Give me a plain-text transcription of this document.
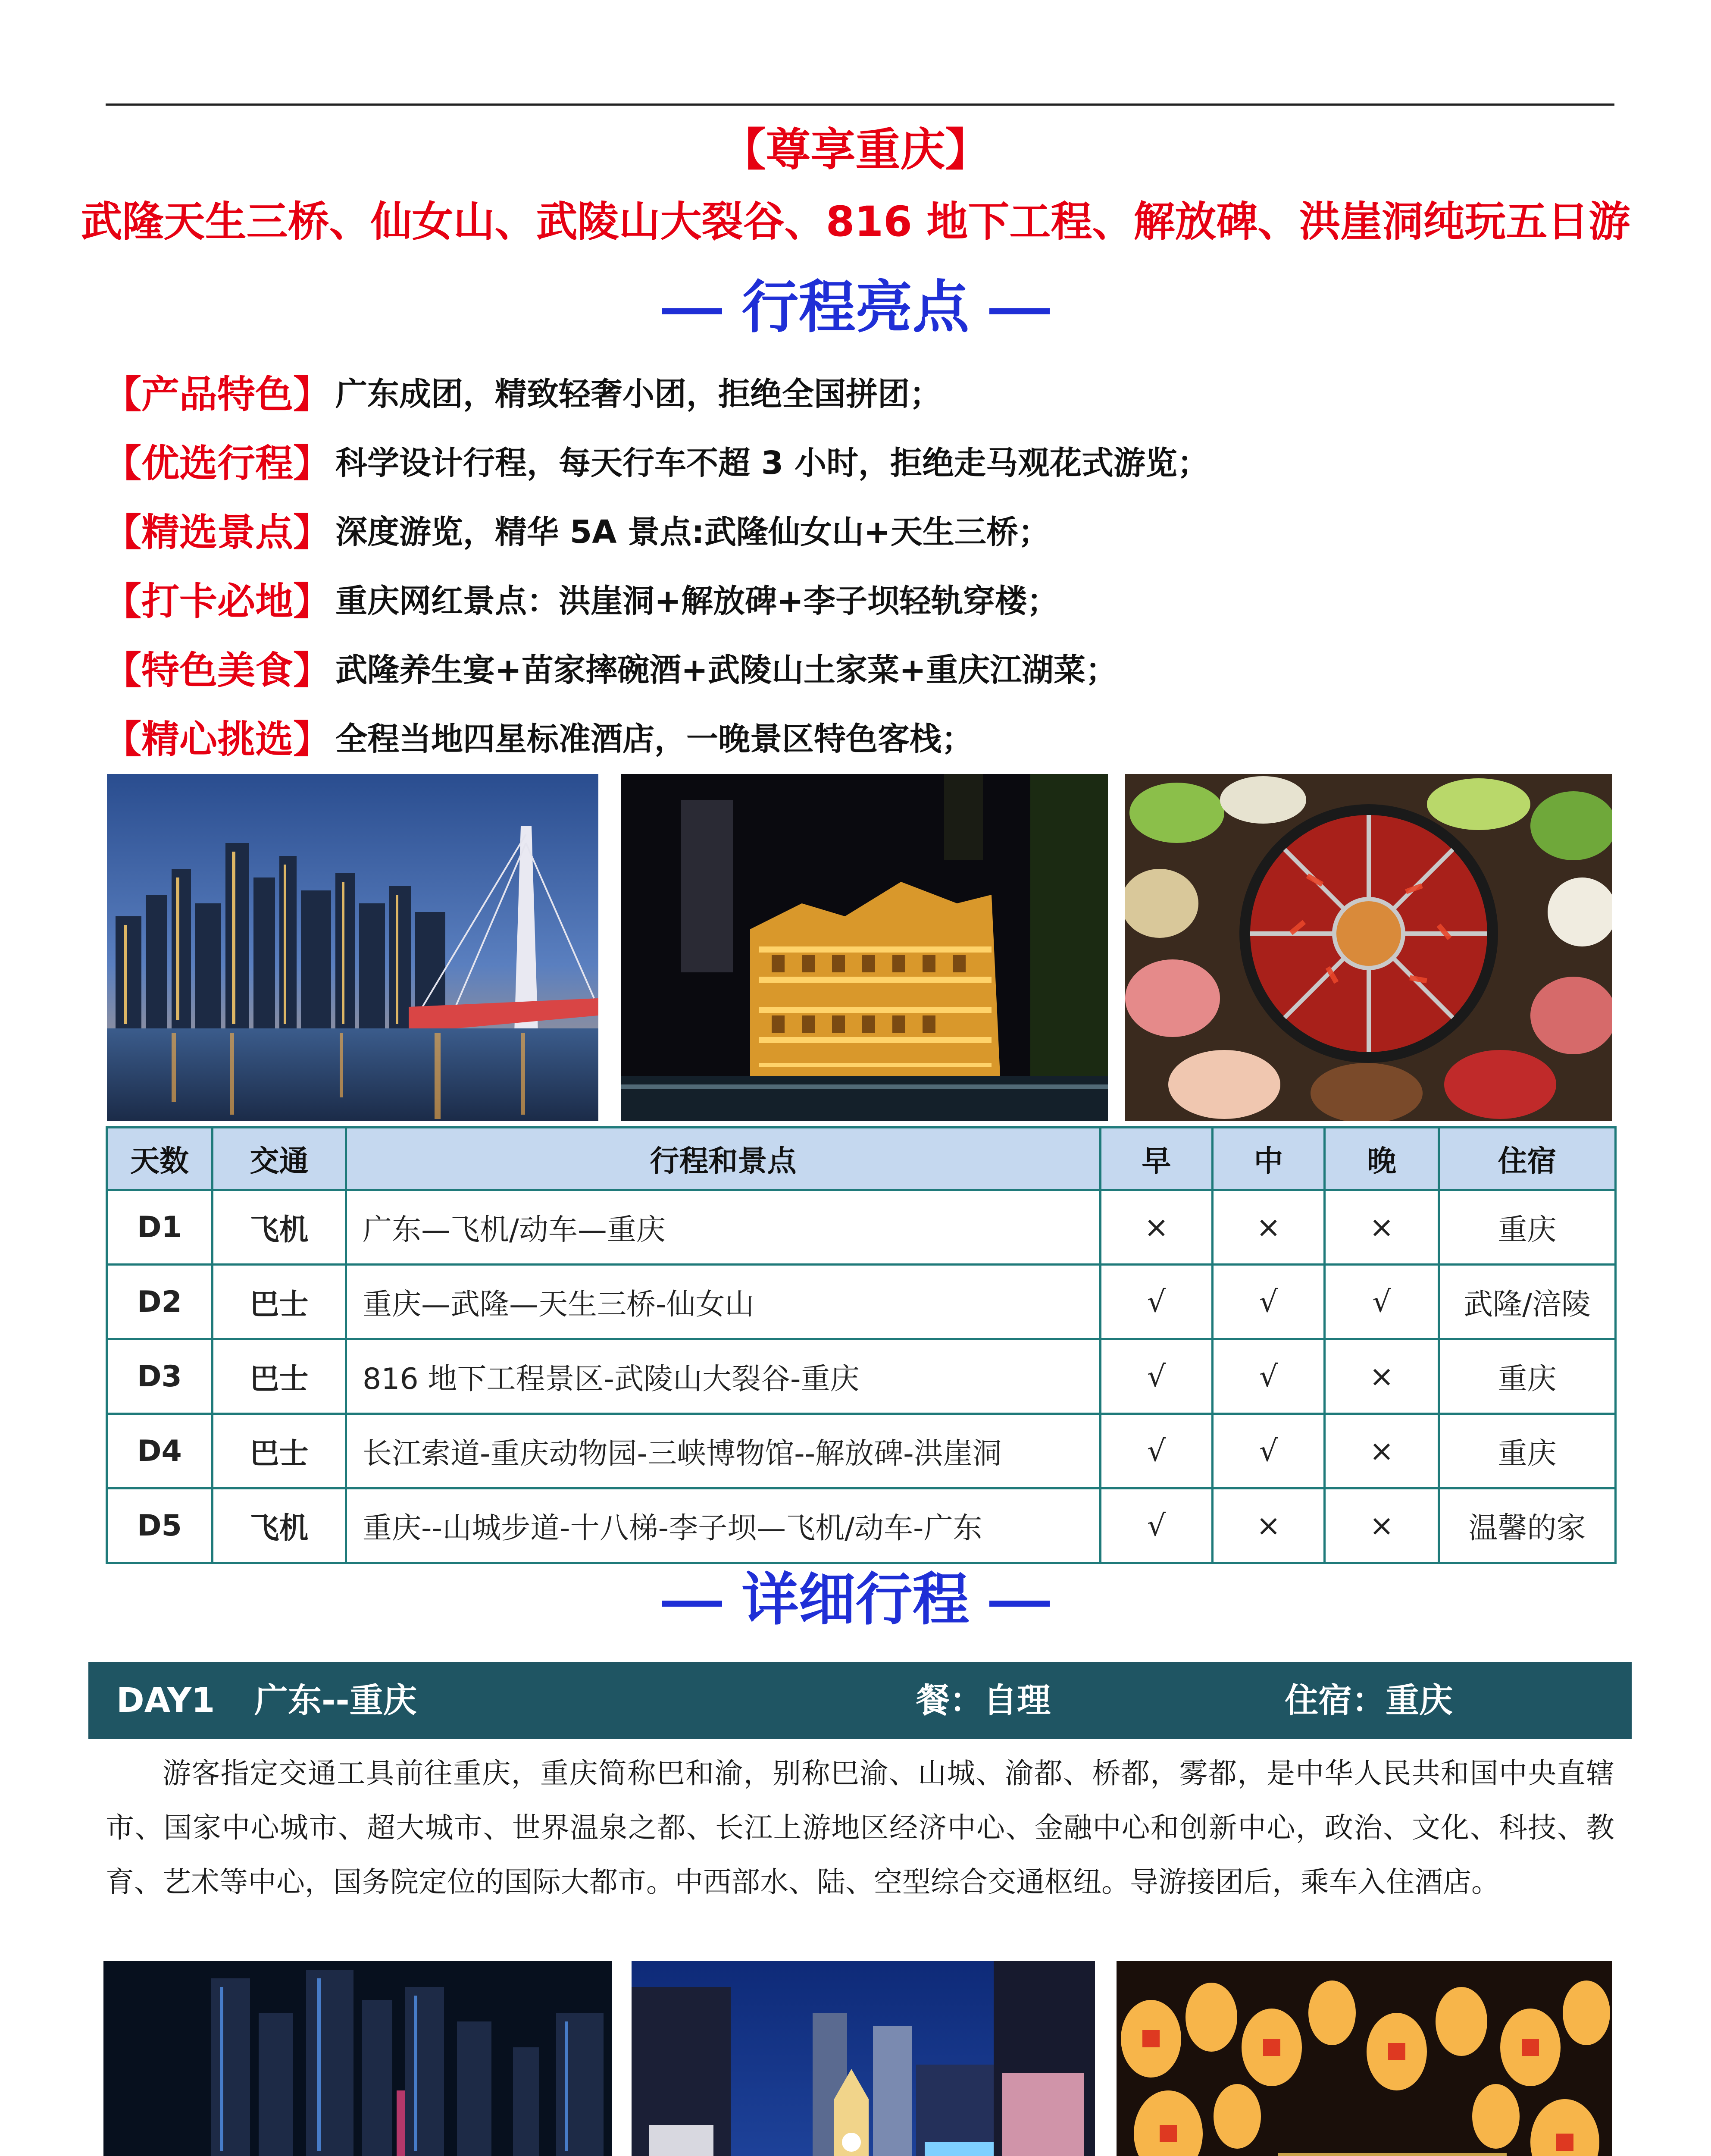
【尊享重庆】
武隆天生三桥、仙女山、武陵山大裂谷、816 地下工程、解放碑、洪崖洞纯玩五日游
行程亮点
【产品特色】 广东成团，精致轻奢小团，拒绝全国拼团；
【优选行程】 科学设计行程，每天行车不超 3 小时，拒绝走马观花式游览；
【精选景点】 深度游览，精华 5A 景点:武隆仙女山+天生三桥；
【打卡必地】 重庆网红景点：洪崖洞+解放碑+李子坝轻轨穿楼；
【特色美食】 武隆养生宴+苗家摔碗酒+武陵山土家菜+重庆江湖菜；
【精心挑选】 全程当地四星标准酒店，一晚景区特色客栈；
天数	交通	行程和景点	早	中	晚	住宿
D1	飞机	广东—飞机/动车—重庆	×	×	×	重庆
D2	巴士	重庆—武隆—天生三桥-仙女山	√	√	√	武隆/涪陵
D3	巴士	816 地下工程景区-武陵山大裂谷-重庆	√	√	×	重庆
D4	巴士	长江索道-重庆动物园-三峡博物馆--解放碑-洪崖洞	√	√	×	重庆
D5	飞机	重庆--山城步道-十八梯-李子坝—飞机/动车-广东	√	×	×	温馨的家
详细行程
DAY1 广东--重庆	餐：自理	住宿：重庆
游客指定交通工具前往重庆，重庆简称巴和渝，别称巴渝、山城、渝都、桥都，雾都，是中华人民共和国中央直辖市、国家中心城市、超大城市、世界温泉之都、长江上游地区经济中心、金融中心和创新中心，政治、文化、科技、教育、艺术等中心，国务院定位的国际大都市。中西部水、陆、空型综合交通枢纽。导游接团后，乘车入住酒店。
